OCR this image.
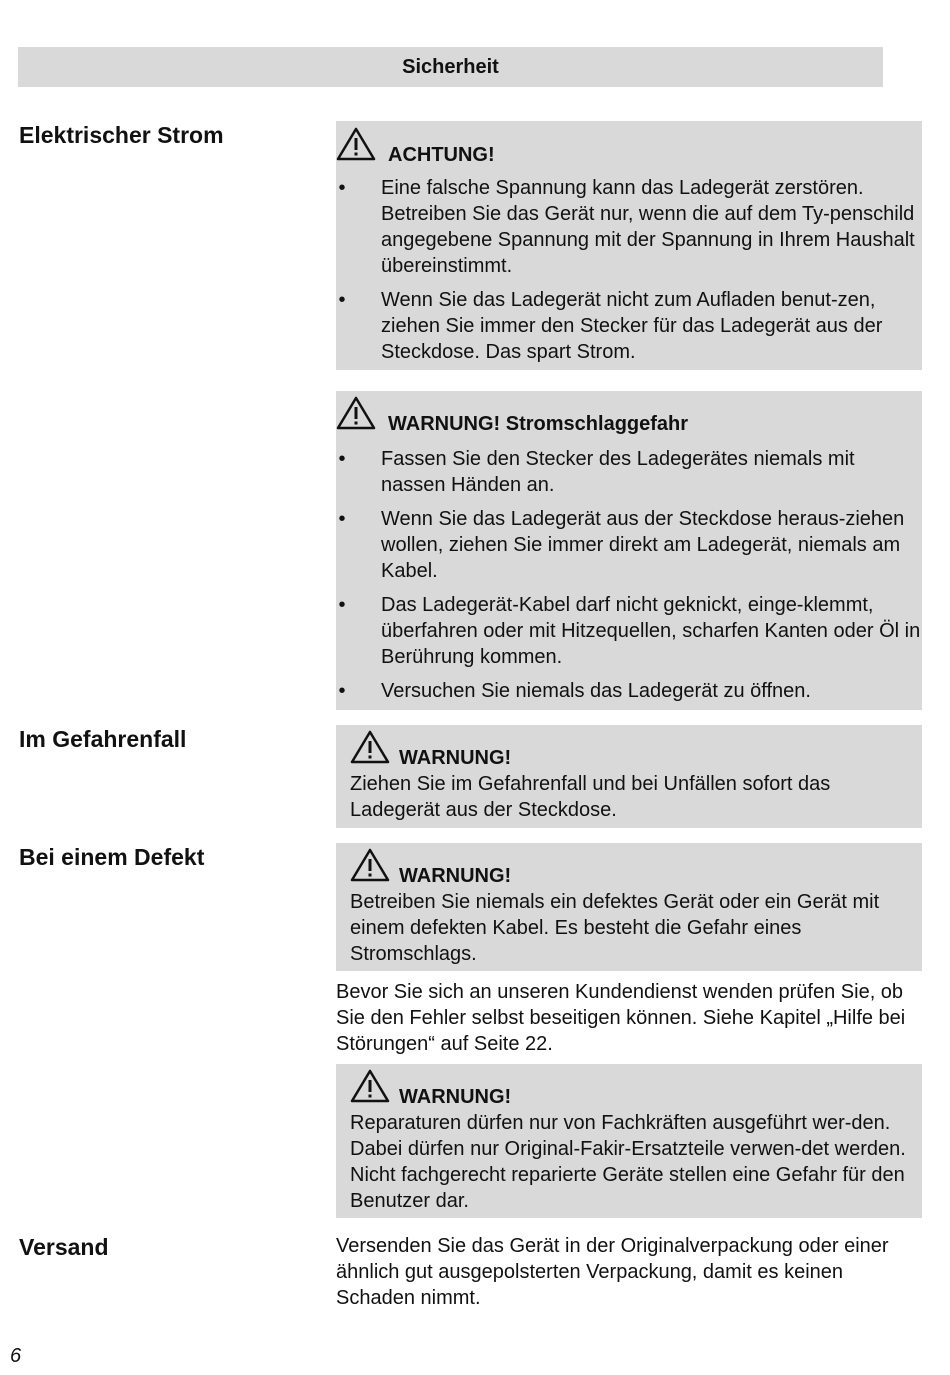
Sicherheit
Elektrischer Strom
Im Gefahrenfall
Bei einem Defekt
Versand
ACHTUNG!
• Eine falsche Spannung kann das Ladegerät zerstören. Betreiben Sie das Gerät nur, wenn die auf dem Ty-penschild angegebene Spannung mit der Spannung in Ihrem Haushalt übereinstimmt.
• Wenn Sie das Ladegerät nicht zum Aufladen benut-zen, ziehen Sie immer den Stecker für das Ladegerät aus der Steckdose. Das spart Strom.
WARNUNG! Stromschlaggefahr
• Fassen Sie den Stecker des Ladegerätes niemals mit nassen Händen an.
• Wenn Sie das Ladegerät aus der Steckdose heraus-ziehen wollen, ziehen Sie immer direkt am Ladegerät, niemals am Kabel.
• Das Ladegerät-Kabel darf nicht geknickt, einge-klemmt, überfahren oder mit Hitzequellen, scharfen Kanten oder Öl in Berührung kommen.
• Versuchen Sie niemals das Ladegerät zu öffnen.
WARNUNG!
Ziehen Sie im Gefahrenfall und bei Unfällen sofort das Ladegerät aus der Steckdose.
WARNUNG!
Betreiben Sie niemals ein defektes Gerät oder ein Gerät mit einem defekten Kabel. Es besteht die Gefahr eines Stromschlags.
Bevor Sie sich an unseren Kundendienst wenden prüfen Sie, ob Sie den Fehler selbst beseitigen können. Siehe Kapitel „Hilfe bei Störungen“ auf Seite 22.
WARNUNG!
Reparaturen dürfen nur von Fachkräften ausgeführt wer-den. Dabei dürfen nur Original-Fakir-Ersatzteile verwen-det werden. Nicht fachgerecht reparierte Geräte stellen eine Gefahr für den Benutzer dar.
Versenden Sie das Gerät in der Originalverpackung oder einer ähnlich gut ausgepolsterten Verpackung, damit es keinen Schaden nimmt.
6
